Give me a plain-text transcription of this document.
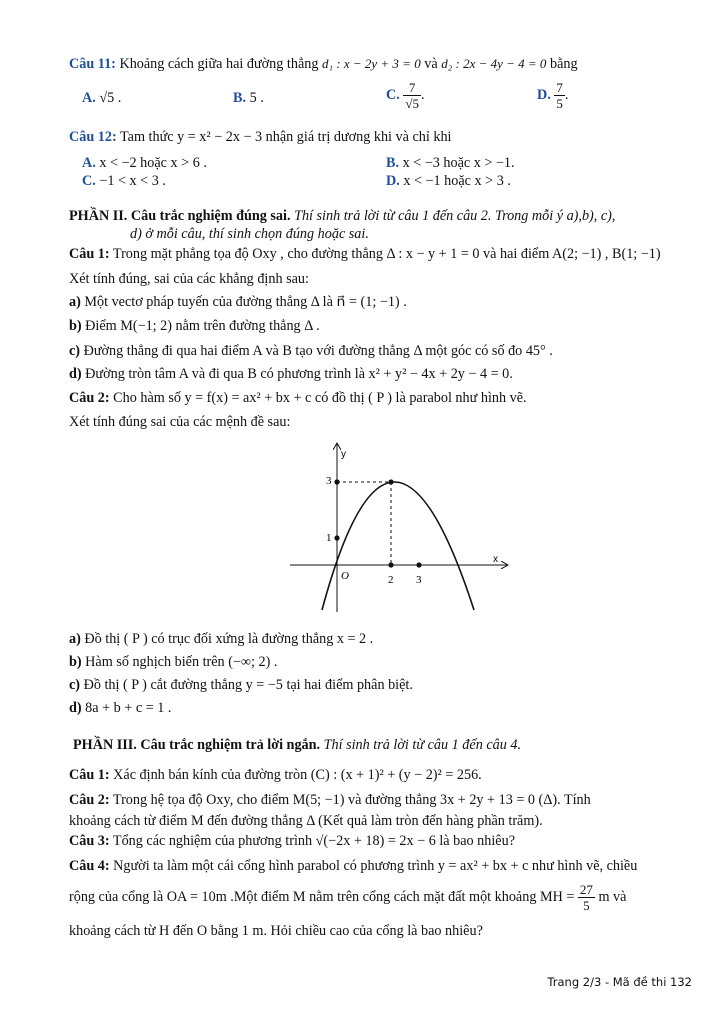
Câu 11: Khoảng cách giữa hai đường thẳng d₁ : x − 2y + 3 = 0 và d₂ : 2x − 4y − 4 = 0 bằng
A. √5 .	B. 5 .	C. $\frac{7}{√5}$ .	D. $\frac{7}{5}$ .
Câu 12: Tam thức y = x² − 2x − 3 nhận giá trị dương khi và chỉ khi
A. x < −2 hoặc x > 6 .	B. x < −3 hoặc x > −1.
C. −1 < x < 3 .	D. x < −1 hoặc x > 3 .
PHẦN II. Câu trắc nghiệm đúng sai. Thí sinh trả lời từ câu 1 đến câu 2. Trong mỗi ý a),b), c),
d) ở mỗi câu, thí sinh chọn đúng hoặc sai.
Câu 1: Trong mặt phẳng tọa độ Oxy , cho đường thẳng Δ : x − y + 1 = 0 và hai điểm A(2; −1) , B(1; −1)
Xét tính đúng, sai của các khẳng định sau:
a) Một vectơ pháp tuyến của đường thẳng Δ là n⃗ = (1; −1) .
b) Điểm M(−1; 2) nằm trên đường thẳng Δ .
c) Đường thẳng đi qua hai điểm A và B tạo với đường thẳng Δ một góc có số đo 45° .
d) Đường tròn tâm A và đi qua B có phương trình là x² + y² − 4x + 2y − 4 = 0.
Câu 2: Cho hàm số y = f(x) = ax² + bx + c có đồ thị ( P ) là parabol như hình vẽ.
Xét tính đúng sai của các mệnh đề sau:
y
x
O
3
1
2 3
a) Đồ thị ( P ) có trục đối xứng là đường thẳng x = 2 .
b) Hàm số nghịch biến trên (−∞; 2) .
c) Đồ thị ( P ) cắt đường thẳng y = −5 tại hai điểm phân biệt.
d) 8a + b + c = 1 .
PHẦN III. Câu trắc nghiệm trả lời ngắn. Thí sinh trả lời từ câu 1 đến câu 4.
Câu 1: Xác định bán kính của đường tròn (C) : (x + 1)² + (y − 2)² = 256.
Câu 2: Trong hệ tọa độ Oxy, cho điểm M(5; −1) và đường thẳng 3x + 2y + 13 = 0 (Δ). Tính
khoảng cách từ điểm M đến đường thẳng Δ (Kết quả làm tròn đến hàng phần trăm).
Câu 3: Tổng các nghiệm của phương trình √(−2x + 18) = 2x − 6 là bao nhiêu?
Câu 4: Người ta làm một cái cổng hình parabol có phương trình y = ax² + bx + c như hình vẽ, chiều
rộng của cổng là OA = 10m .Một điểm M nằm trên cổng cách mặt đất một khoảng MH = $\frac{27}{5}$ m và
khoảng cách từ H đến O bằng 1 m. Hỏi chiều cao của cổng là bao nhiêu?
Trang 2/3 - Mã đề thi 132
